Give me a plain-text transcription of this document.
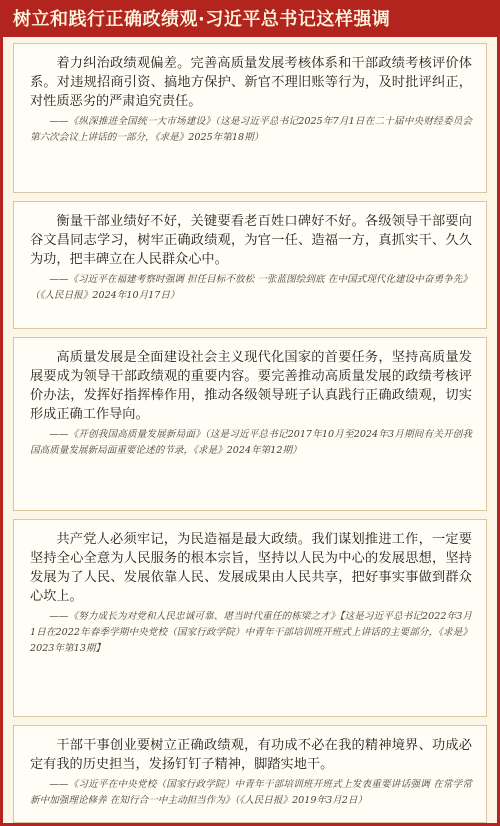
树立和践行正确政绩观·习近平总书记这样强调

着力纠治政绩观偏差。完善高质量发展考核体系和干部政绩考核评价体系。对违规招商引资、搞地方保护、新官不理旧账等行为，及时批评纠正，对性质恶劣的严肃追究责任。

——《纵深推进全国统一大市场建设》（这是习近平总书记2025年7月1日在二十届中央财经委员会第六次会议上讲话的一部分，《求是》2025年第18期）

衡量干部业绩好不好，关键要看老百姓口碑好不好。各级领导干部要向谷文昌同志学习，树牢正确政绩观，为官一任、造福一方，真抓实干、久久为功，把丰碑立在人民群众心中。

——《习近平在福建考察时强调 担任目标不放松 一张蓝图绘到底 在中国式现代化建设中奋勇争先》（《人民日报》2024年10月17日）

高质量发展是全面建设社会主义现代化国家的首要任务，坚持高质量发展要成为领导干部政绩观的重要内容。要完善推动高质量发展的政绩考核评价办法，发挥好指挥棒作用，推动各级领导班子认真践行正确政绩观，切实形成正确工作导向。

——《开创我国高质量发展新局面》（这是习近平总书记2017年10月至2024年3月期间有关开创我国高质量发展新局面重要论述的节录，《求是》2024年第12期）

共产党人必须牢记，为民造福是最大政绩。我们谋划推进工作，一定要坚持全心全意为人民服务的根本宗旨，坚持以人民为中心的发展思想，坚持发展为了人民、发展依靠人民、发展成果由人民共享，把好事实事做到群众心坎上。

——《努力成长为对党和人民忠诚可靠、堪当时代重任的栋梁之才》【这是习近平总书记2022年3月1日在2022年春季学期中央党校（国家行政学院）中青年干部培训班开班式上讲话的主要部分，《求是》2023年第13期】

干部干事创业要树立正确政绩观，有功成不必在我的精神境界、功成必定有我的历史担当，发扬钉钉子精神，脚踏实地干。

——《习近平在中央党校（国家行政学院）中青年干部培训班开班式上发表重要讲话强调 在常学常新中加强理论修养 在知行合一中主动担当作为》（《人民日报》2019年3月2日）
